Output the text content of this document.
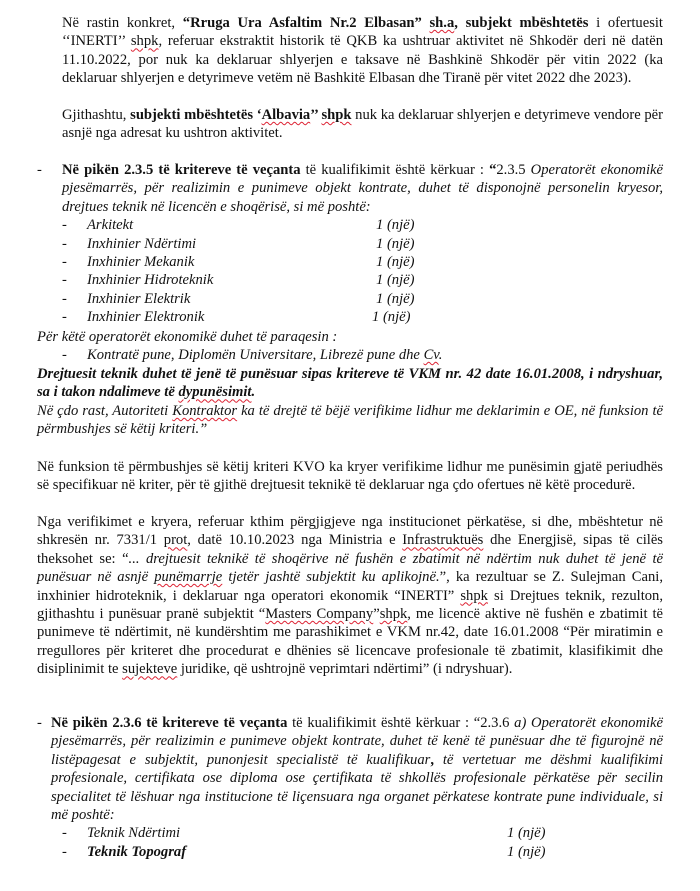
Në rastin konkret, “Rruga Ura Asfaltim Nr.2 Elbasan” sh.a, subjekt mbështetës i ofertuesit ‘‘INERTI’’ shpk, referuar ekstraktit historik të QKB ka ushtruar aktivitet në Shkodër deri në datën 11.10.2022, por nuk ka deklaruar shlyerjen e taksave në Bashkinë Shkodër për vitin 2022 (ka deklaruar shlyerjen e detyrimeve vetëm në Bashkitë Elbasan dhe Tiranë për vitet 2022 dhe 2023).
Gjithashtu, subjekti mbështetës ‘Albavia’’ shpk nuk ka deklaruar shlyerjen e detyrimeve vendore për asnjë nga adresat ku ushtron aktivitet.
- Në pikën 2.3.5 të kritereve të veçanta të kualifikimit është kërkuar : “2.3.5 Operatorët ekonomikë pjesëmarrës, për realizimin e punimeve objekt kontrate, duhet të disponojnë personelin kryesor, drejtues teknik në licencën e shoqërisë, si më poshtë:
- Arkitekt	1 (një)
- Inxhinier Ndërtimi	1 (një)
- Inxhinier Mekanik	1 (një)
- Inxhinier Hidroteknik	1 (një)
- Inxhinier Elektrik	1 (një)
- Inxhinier Elektronik	1 (një)
Për këtë operatorët ekonomikë duhet të paraqesin :
- Kontratë pune, Diplomën Universitare, Librezë pune dhe Cv.
Drejtuesit teknik duhet të jenë të punësuar sipas kritereve të VKM nr. 42 date 16.01.2008, i ndryshuar, sa i takon ndalimeve të dypunësimit.
Në çdo rast, Autoriteti Kontraktor ka të drejtë të bëjë verifikime lidhur me deklarimin e OE, në funksion të përmbushjes së këtij kriteri.”
Në funksion të përmbushjes së këtij kriteri KVO ka kryer verifikime lidhur me punësimin gjatë periudhës së specifikuar në kriter, për të gjithë drejtuesit teknikë të deklaruar nga çdo ofertues në këtë procedurë.
Nga verifikimet e kryera, referuar kthim përgjigjeve nga institucionet përkatëse, si dhe, mbështetur në shkresën nr. 7331/1 prot, datë 10.10.2023 nga Ministria e Infrastruktuës dhe Energjisë, sipas të cilës theksohet se: “... drejtuesit teknikë të shoqërive në fushën e zbatimit në ndërtim nuk duhet të jenë të punësuar në asnjë punëmarrje tjetër jashtë subjektit ku aplikojnë.”, ka rezultuar se Z. Sulejman Cani, inxhinier hidroteknik, i deklaruar nga operatori ekonomik “INERTI” shpk si Drejtues teknik, rezulton, gjithashtu i punësuar pranë subjektit “Masters Company”shpk, me licencë aktive në fushën e zbatimit të punimeve të ndërtimit, në kundërshtim me parashikimet e VKM nr.42, date 16.01.2008 “Për miratimin e rregullores për kriteret dhe procedurat e dhënies së licencave profesionale të zbatimit, klasifikimit dhe disiplinimit te sujekteve juridike, që ushtrojnë veprimtari ndërtimi” (i ndryshuar).
- Në pikën 2.3.6 të kritereve të veçanta të kualifikimit është kërkuar : “2.3.6 a) Operatorët ekonomikë pjesëmarrës, për realizimin e punimeve objekt kontrate, duhet të kenë të punësuar dhe të figurojnë në listëpagesat e subjektit, punonjesit specialistë të kualifikuar, të vertetuar me dëshmi kualifikimi profesionale, certifikata ose diploma ose çertifikata të shkollës profesionale përkatëse për secilin specialitet të lëshuar nga institucione të liçensuara nga organet përkatese kontrate pune individuale, si më poshtë:
- Teknik Ndërtimi	1 (një)
- Teknik Topograf	1 (një)
